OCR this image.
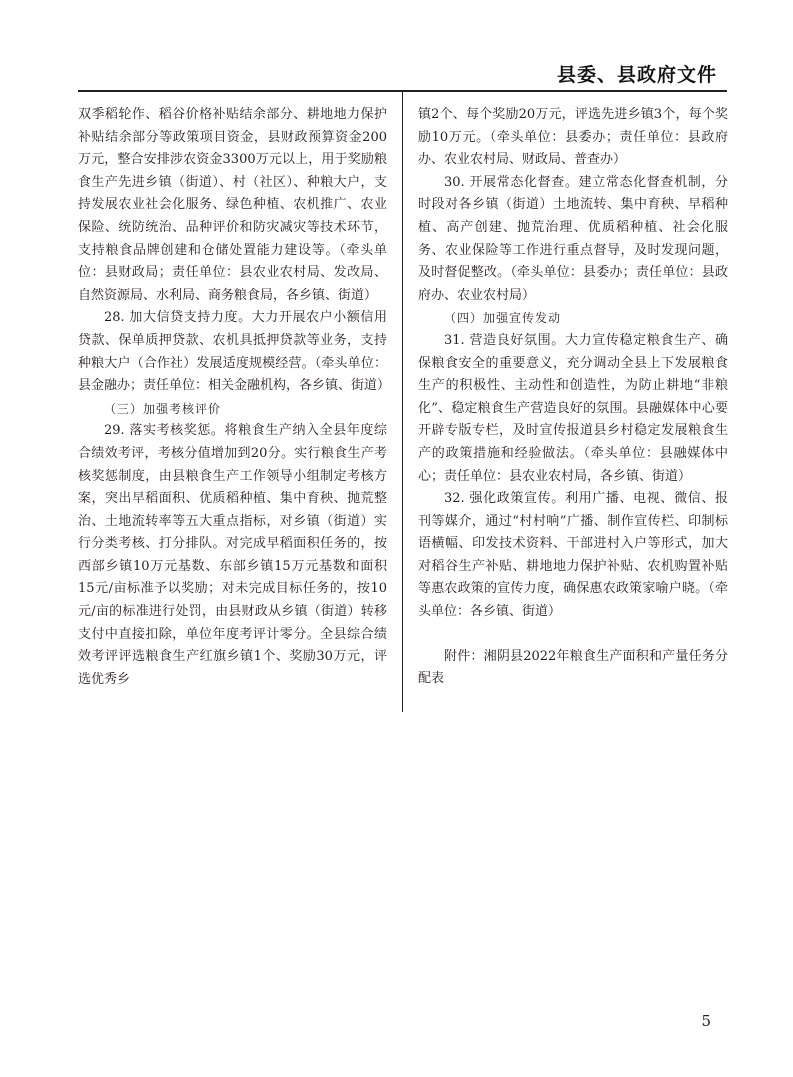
县委、县政府文件

双季稻轮作、稻谷价格补贴结余部分、耕地地力保护补贴结余部分等政策项目资金，县财政预算资金200万元，整合安排涉农资金3300万元以上，用于奖励粮食生产先进乡镇（街道）、村（社区）、种粮大户，支持发展农业社会化服务、绿色种植、农机推广、农业保险、统防统治、品种评价和防灾减灾等技术环节，支持粮食品牌创建和仓储处置能力建设等。（牵头单位：县财政局；责任单位：县农业农村局、发改局、自然资源局、水利局、商务粮食局，各乡镇、街道）

28. 加大信贷支持力度。大力开展农户小额信用贷款、保单质押贷款、农机具抵押贷款等业务，支持种粮大户（合作社）发展适度规模经营。（牵头单位：县金融办；责任单位：相关金融机构，各乡镇、街道）

（三）加强考核评价

29. 落实考核奖惩。将粮食生产纳入全县年度综合绩效考评，考核分值增加到20分。实行粮食生产考核奖惩制度，由县粮食生产工作领导小组制定考核方案，突出早稻面积、优质稻种植、集中育秧、抛荒整治、土地流转率等五大重点指标，对乡镇（街道）实行分类考核、打分排队。对完成早稻面积任务的，按西部乡镇10万元基数、东部乡镇15万元基数和面积15元/亩标准予以奖励；对未完成目标任务的，按10元/亩的标准进行处罚，由县财政从乡镇（街道）转移支付中直接扣除，单位年度考评计零分。全县综合绩效考评评选粮食生产红旗乡镇1个、奖励30万元，评选优秀乡

镇2个、每个奖励20万元，评选先进乡镇3个，每个奖励10万元。（牵头单位：县委办；责任单位：县政府办、农业农村局、财政局、普查办）

30. 开展常态化督查。建立常态化督查机制，分时段对各乡镇（街道）土地流转、集中育秧、早稻种植、高产创建、抛荒治理、优质稻种植、社会化服务、农业保险等工作进行重点督导，及时发现问题，及时督促整改。（牵头单位：县委办；责任单位：县政府办、农业农村局）

（四）加强宣传发动

31. 营造良好氛围。大力宣传稳定粮食生产、确保粮食安全的重要意义，充分调动全县上下发展粮食生产的积极性、主动性和创造性，为防止耕地“非粮化”、稳定粮食生产营造良好的氛围。县融媒体中心要开辟专版专栏，及时宣传报道县乡村稳定发展粮食生产的政策措施和经验做法。（牵头单位：县融媒体中心；责任单位：县农业农村局，各乡镇、街道）

32. 强化政策宣传。利用广播、电视、微信、报刊等媒介，通过“村村响”广播、制作宣传栏、印制标语横幅、印发技术资料、干部进村入户等形式，加大对稻谷生产补贴、耕地地力保护补贴、农机购置补贴等惠农政策的宣传力度，确保惠农政策家喻户晓。（牵头单位：各乡镇、街道）

附件：湘阴县2022年粮食生产面积和产量任务分配表

5
